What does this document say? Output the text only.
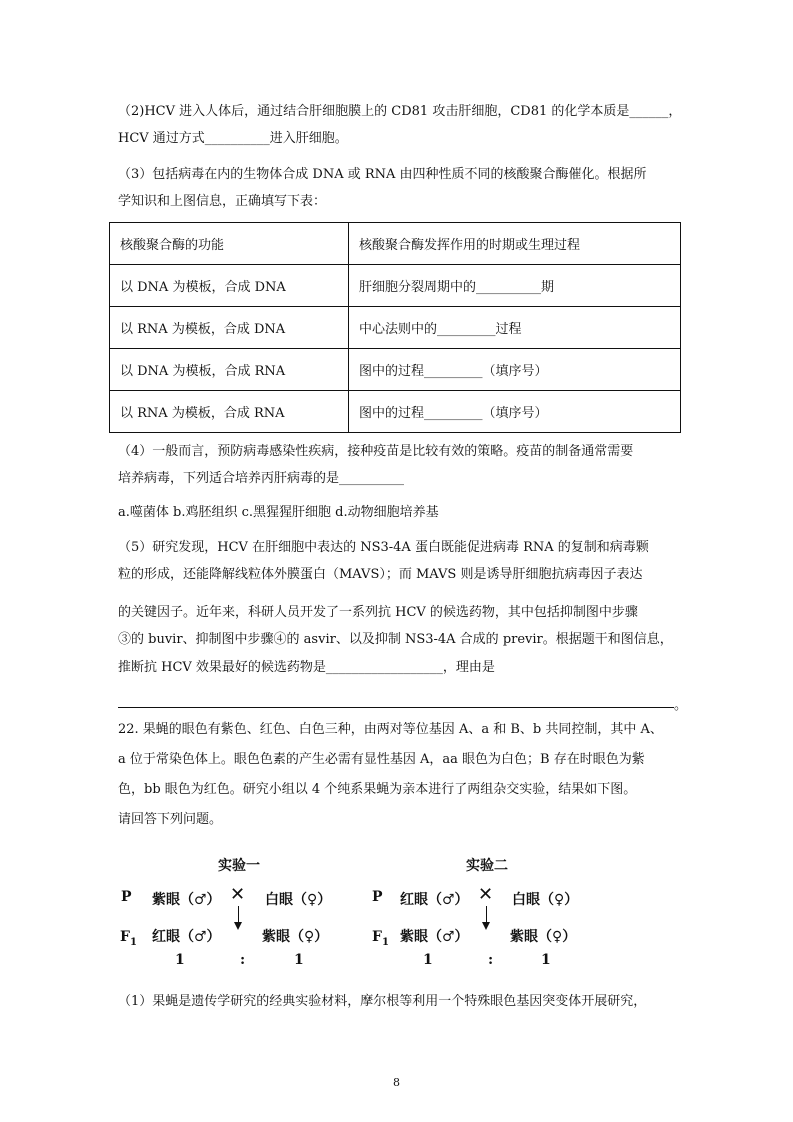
（2)HCV 进入人体后，通过结合肝细胞膜上的 CD81 攻击肝细胞，CD81 的化学本质是______，
HCV 通过方式__________进入肝细胞。
（3）包括病毒在内的生物体合成 DNA 或 RNA 由四种性质不同的核酸聚合酶催化。根据所
学知识和上图信息，正确填写下表：
核酸聚合酶的功能	核酸聚合酶发挥作用的时期或生理过程
以 DNA 为模板，合成 DNA	肝细胞分裂周期中的__________期
以 RNA 为模板，合成 DNA	中心法则中的_________过程
以 DNA 为模板，合成 RNA	图中的过程_________（填序号）
以 RNA 为模板，合成 RNA	图中的过程_________（填序号）
（4）一般而言，预防病毒感染性疾病，接种疫苗是比较有效的策略。疫苗的制备通常需要
培养病毒，下列适合培养丙肝病毒的是__________
a.噬菌体 b.鸡胚组织 c.黑猩猩肝细胞 d.动物细胞培养基
（5）研究发现，HCV 在肝细胞中表达的 NS3-4A 蛋白既能促进病毒 RNA 的复制和病毒颗
粒的形成，还能降解线粒体外膜蛋白（MAVS）；而 MAVS 则是诱导肝细胞抗病毒因子表达
的关键因子。近年来，科研人员开发了一系列抗 HCV 的候选药物，其中包括抑制图中步骤
③的 buvir、抑制图中步骤④的 asvir、以及抑制 NS3-4A 合成的 previr。根据题干和图信息，
推断抗 HCV 效果最好的候选药物是__________________，理由是
。
22. 果蝇的眼色有紫色、红色、白色三种，由两对等位基因 A、a 和 B、b 共同控制，其中 A、
a 位于常染色体上。眼色色素的产生必需有显性基因 A，aa 眼色为白色；B 存在时眼色为紫
色，bb 眼色为红色。研究小组以 4 个纯系果蝇为亲本进行了两组杂交实验，结果如下图。
请回答下列问题。
实验一
P 紫眼（♂） ✕ 白眼（♀）
$F_1$ 红眼（♂）	紫眼（♀）
1	:	1
实验二
P 红眼（♂） ✕ 白眼（♀）
$F_1$ 紫眼（♂）	紫眼（♀）
1	:	1
（1）果蝇是遗传学研究的经典实验材料，摩尔根等利用一个特殊眼色基因突变体开展研究，
8
